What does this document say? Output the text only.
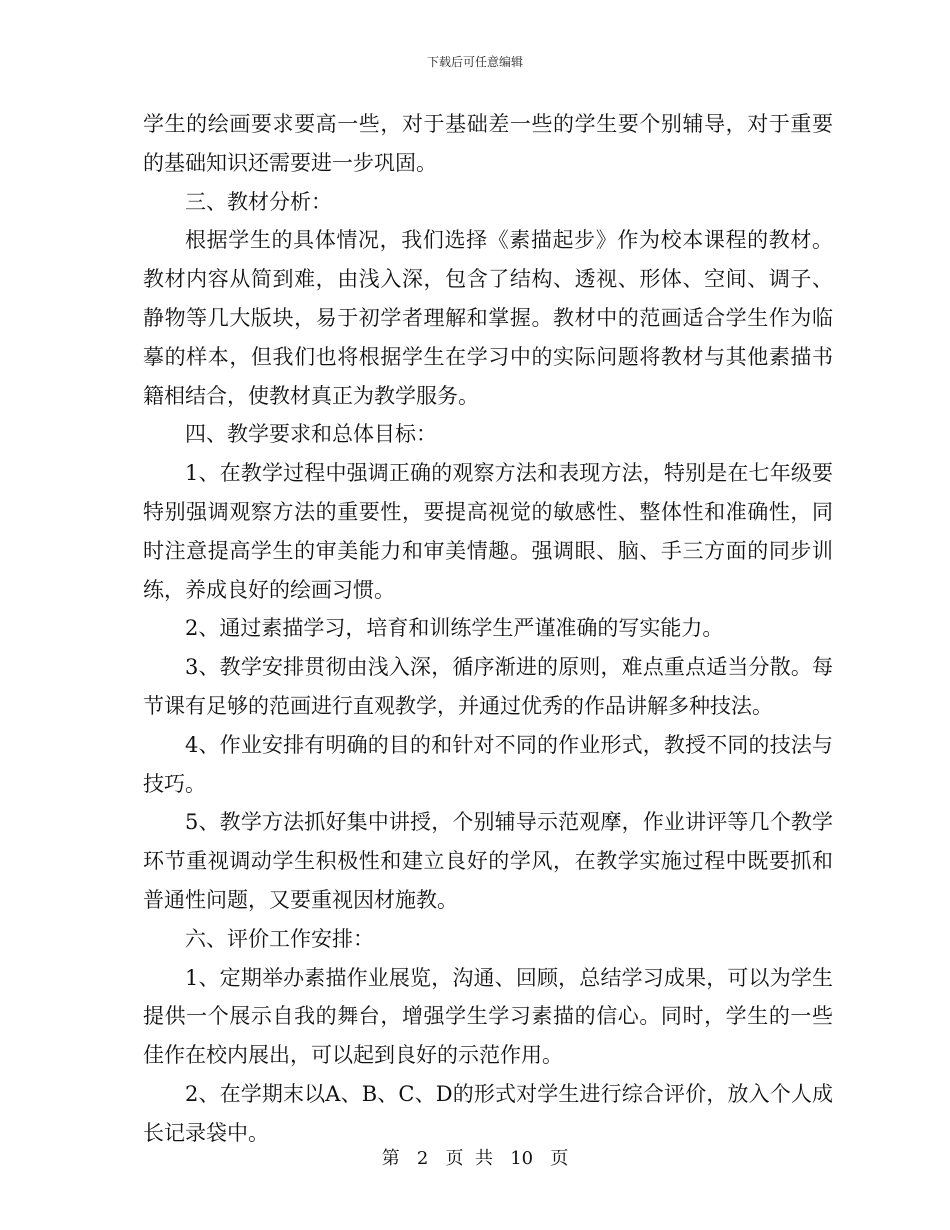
下载后可任意编辑

学生的绘画要求要高一些，对于基础差一些的学生要个别辅导，对于重要的基础知识还需要进一步巩固。

三、教材分析：

根据学生的具体情况，我们选择《素描起步》作为校本课程的教材。教材内容从简到难，由浅入深，包含了结构、透视、形体、空间、调子、静物等几大版块，易于初学者理解和掌握。教材中的范画适合学生作为临摹的样本，但我们也将根据学生在学习中的实际问题将教材与其他素描书籍相结合，使教材真正为教学服务。

四、教学要求和总体目标：

1、在教学过程中强调正确的观察方法和表现方法，特别是在七年级要特别强调观察方法的重要性，要提高视觉的敏感性、整体性和准确性，同时注意提高学生的审美能力和审美情趣。强调眼、脑、手三方面的同步训练，养成良好的绘画习惯。

2、通过素描学习，培育和训练学生严谨准确的写实能力。

3、教学安排贯彻由浅入深，循序渐进的原则，难点重点适当分散。每节课有足够的范画进行直观教学，并通过优秀的作品讲解多种技法。

4、作业安排有明确的目的和针对不同的作业形式，教授不同的技法与技巧。

5、教学方法抓好集中讲授，个别辅导示范观摩，作业讲评等几个教学环节重视调动学生积极性和建立良好的学风，在教学实施过程中既要抓和普通性问题，又要重视因材施教。

六、评价工作安排：

1、定期举办素描作业展览，沟通、回顾，总结学习成果，可以为学生提供一个展示自我的舞台，增强学生学习素描的信心。同时，学生的一些佳作在校内展出，可以起到良好的示范作用。

2、在学期末以A、B、C、D的形式对学生进行综合评价，放入个人成长记录袋中。

第 2 页  共 10 页
